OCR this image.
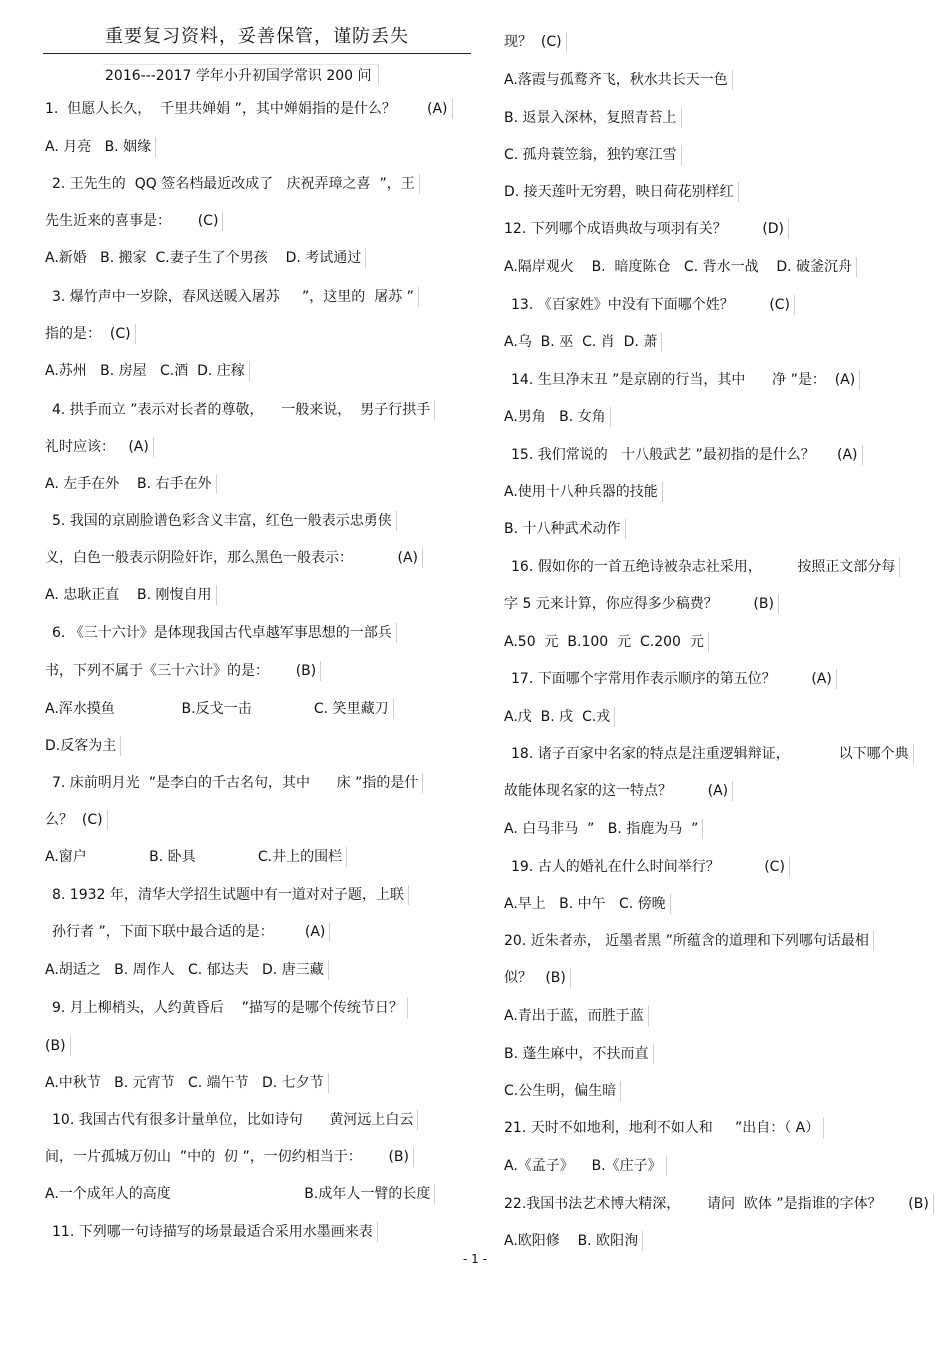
重要复习资料，妥善保管，谨防丢失
2016---2017 学年小升初国学常识 200 问
1.  但愿人长久，  千里共婵娟 ”，其中婵娟指的是什么？       (A)
A. 月亮   B. 姻缘
2. 王先生的  QQ 签名档最近改成了   庆祝弄璋之喜  ”，王
先生近来的喜事是：      (C)
A.新婚   B. 搬家  C.妻子生了个男孩    D. 考试通过
3. 爆竹声中一岁除，春风送暖入屠苏     ”，这里的  屠苏 ”
指的是：  (C)
A.苏州   B. 房屋   C.酒  D. 庄稼
4. 拱手而立 ”表示对长者的尊敬，    一般来说，  男子行拱手
礼时应该：   (A)
A. 左手在外    B. 右手在外
5. 我国的京剧脸谱色彩含义丰富，红色一般表示忠勇侠
义，白色一般表示阴险奸诈，那么黑色一般表示：          (A)
A. 忠耿正直    B. 刚愎自用
6. 《三十六计》是体现我国古代卓越军事思想的一部兵
书，下列不属于《三十六计》的是：      (B)
A.浑水摸鱼               B.反戈一击              C. 笑里藏刀
D.反客为主
7. 床前明月光  ”是李白的千古名句，其中      床 ”指的是什
么？  (C)
A.窗户              B. 卧具              C.井上的围栏
8. 1932 年，清华大学招生试题中有一道对对子题，上联
孙行者 ”，下面下联中最合适的是：       (A)
A.胡适之   B. 周作人   C. 郁达夫   D. 唐三藏
9. 月上柳梢头，人约黄昏后    ”描写的是哪个传统节日？
(B)
A.中秋节   B. 元宵节   C. 端午节   D. 七夕节
10. 我国古代有很多计量单位，比如诗句      黄河远上白云
间，一片孤城万仞山  ”中的  仞 ”，一仞约相当于：      (B)
A.一个成年人的高度                              B.成年人一臂的长度
11. 下列哪一句诗描写的场景最适合采用水墨画来表
现？  (C)
A.落霞与孤鹜齐飞，秋水共长天一色
B. 返景入深林，复照青苔上
C. 孤舟蓑笠翁，独钓寒江雪
D. 接天莲叶无穷碧，映日荷花别样红
12. 下列哪个成语典故与项羽有关？        (D)
A.隔岸观火    B.  暗度陈仓   C. 背水一战    D. 破釜沉舟
13. 《百家姓》中没有下面哪个姓？        (C)
A.乌  B. 巫  C. 肖  D. 萧
14. 生旦净末丑 ”是京剧的行当，其中      净 ”是：  (A)
A.男角   B. 女角
15. 我们常说的   十八般武艺 ”最初指的是什么？     (A)
A.使用十八种兵器的技能
B. 十八种武术动作
16. 假如你的一首五绝诗被杂志社采用，        按照正文部分每
字 5 元来计算，你应得多少稿费？        (B)
A.50  元  B.100  元  C.200  元
17. 下面哪个字常用作表示顺序的第五位？        (A)
A.戊  B. 戌  C.戎
18. 诸子百家中名家的特点是注重逻辑辩证，           以下哪个典
故能体现名家的这一特点？        (A)
A. 白马非马  ”   B. 指鹿为马  ”
19. 古人的婚礼在什么时间举行？          (C)
A.早上   B. 中午   C. 傍晚
20. 近朱者赤， 近墨者黑 ”所蕴含的道理和下列哪句话最相
似？   (B)
A.青出于蓝，而胜于蓝
B. 蓬生麻中，不扶而直
C.公生明，偏生暗
21. 天时不如地利，地利不如人和     ”出自：（ A）
A.《孟子》    B.《庄子》
22.我国书法艺术博大精深，      请问  欧体 ”是指谁的字体？      (B)
A.欧阳修    B. 欧阳洵
- 1 -
